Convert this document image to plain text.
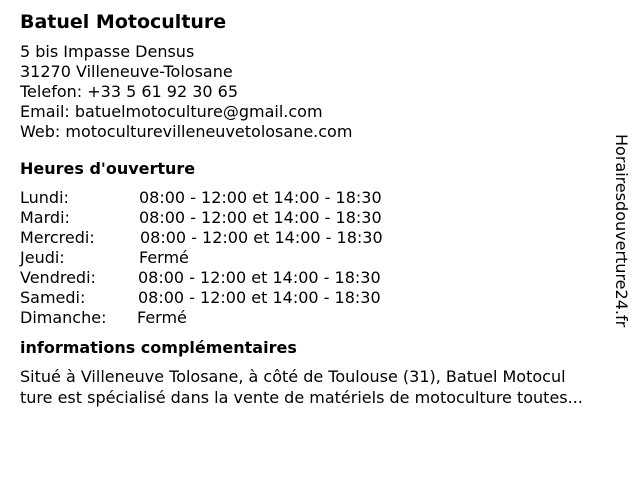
Batuel Motoculture
5 bis Impasse Densus
31270 Villeneuve-Tolosane
Telefon: +33 5 61 92 30 65
Email: batuelmotoculture@gmail.com
Web: motoculturevilleneuvetolosane.com
Heures d'ouverture
Lundi:	08:00 - 12:00 et 14:00 - 18:30
Mardi:	08:00 - 12:00 et 14:00 - 18:30
Mercredi:	08:00 - 12:00 et 14:00 - 18:30
Jeudi:	Fermé
Vendredi:	08:00 - 12:00 et 14:00 - 18:30
Samedi:	08:00 - 12:00 et 14:00 - 18:30
Dimanche: Fermé
informations complémentaires
Situé à Villeneuve Tolosane, à côté de Toulouse (31), Batuel Motocul
ture est spécialisé dans la vente de matériels de motoculture toutes...
Horairesdouverture24.fr
